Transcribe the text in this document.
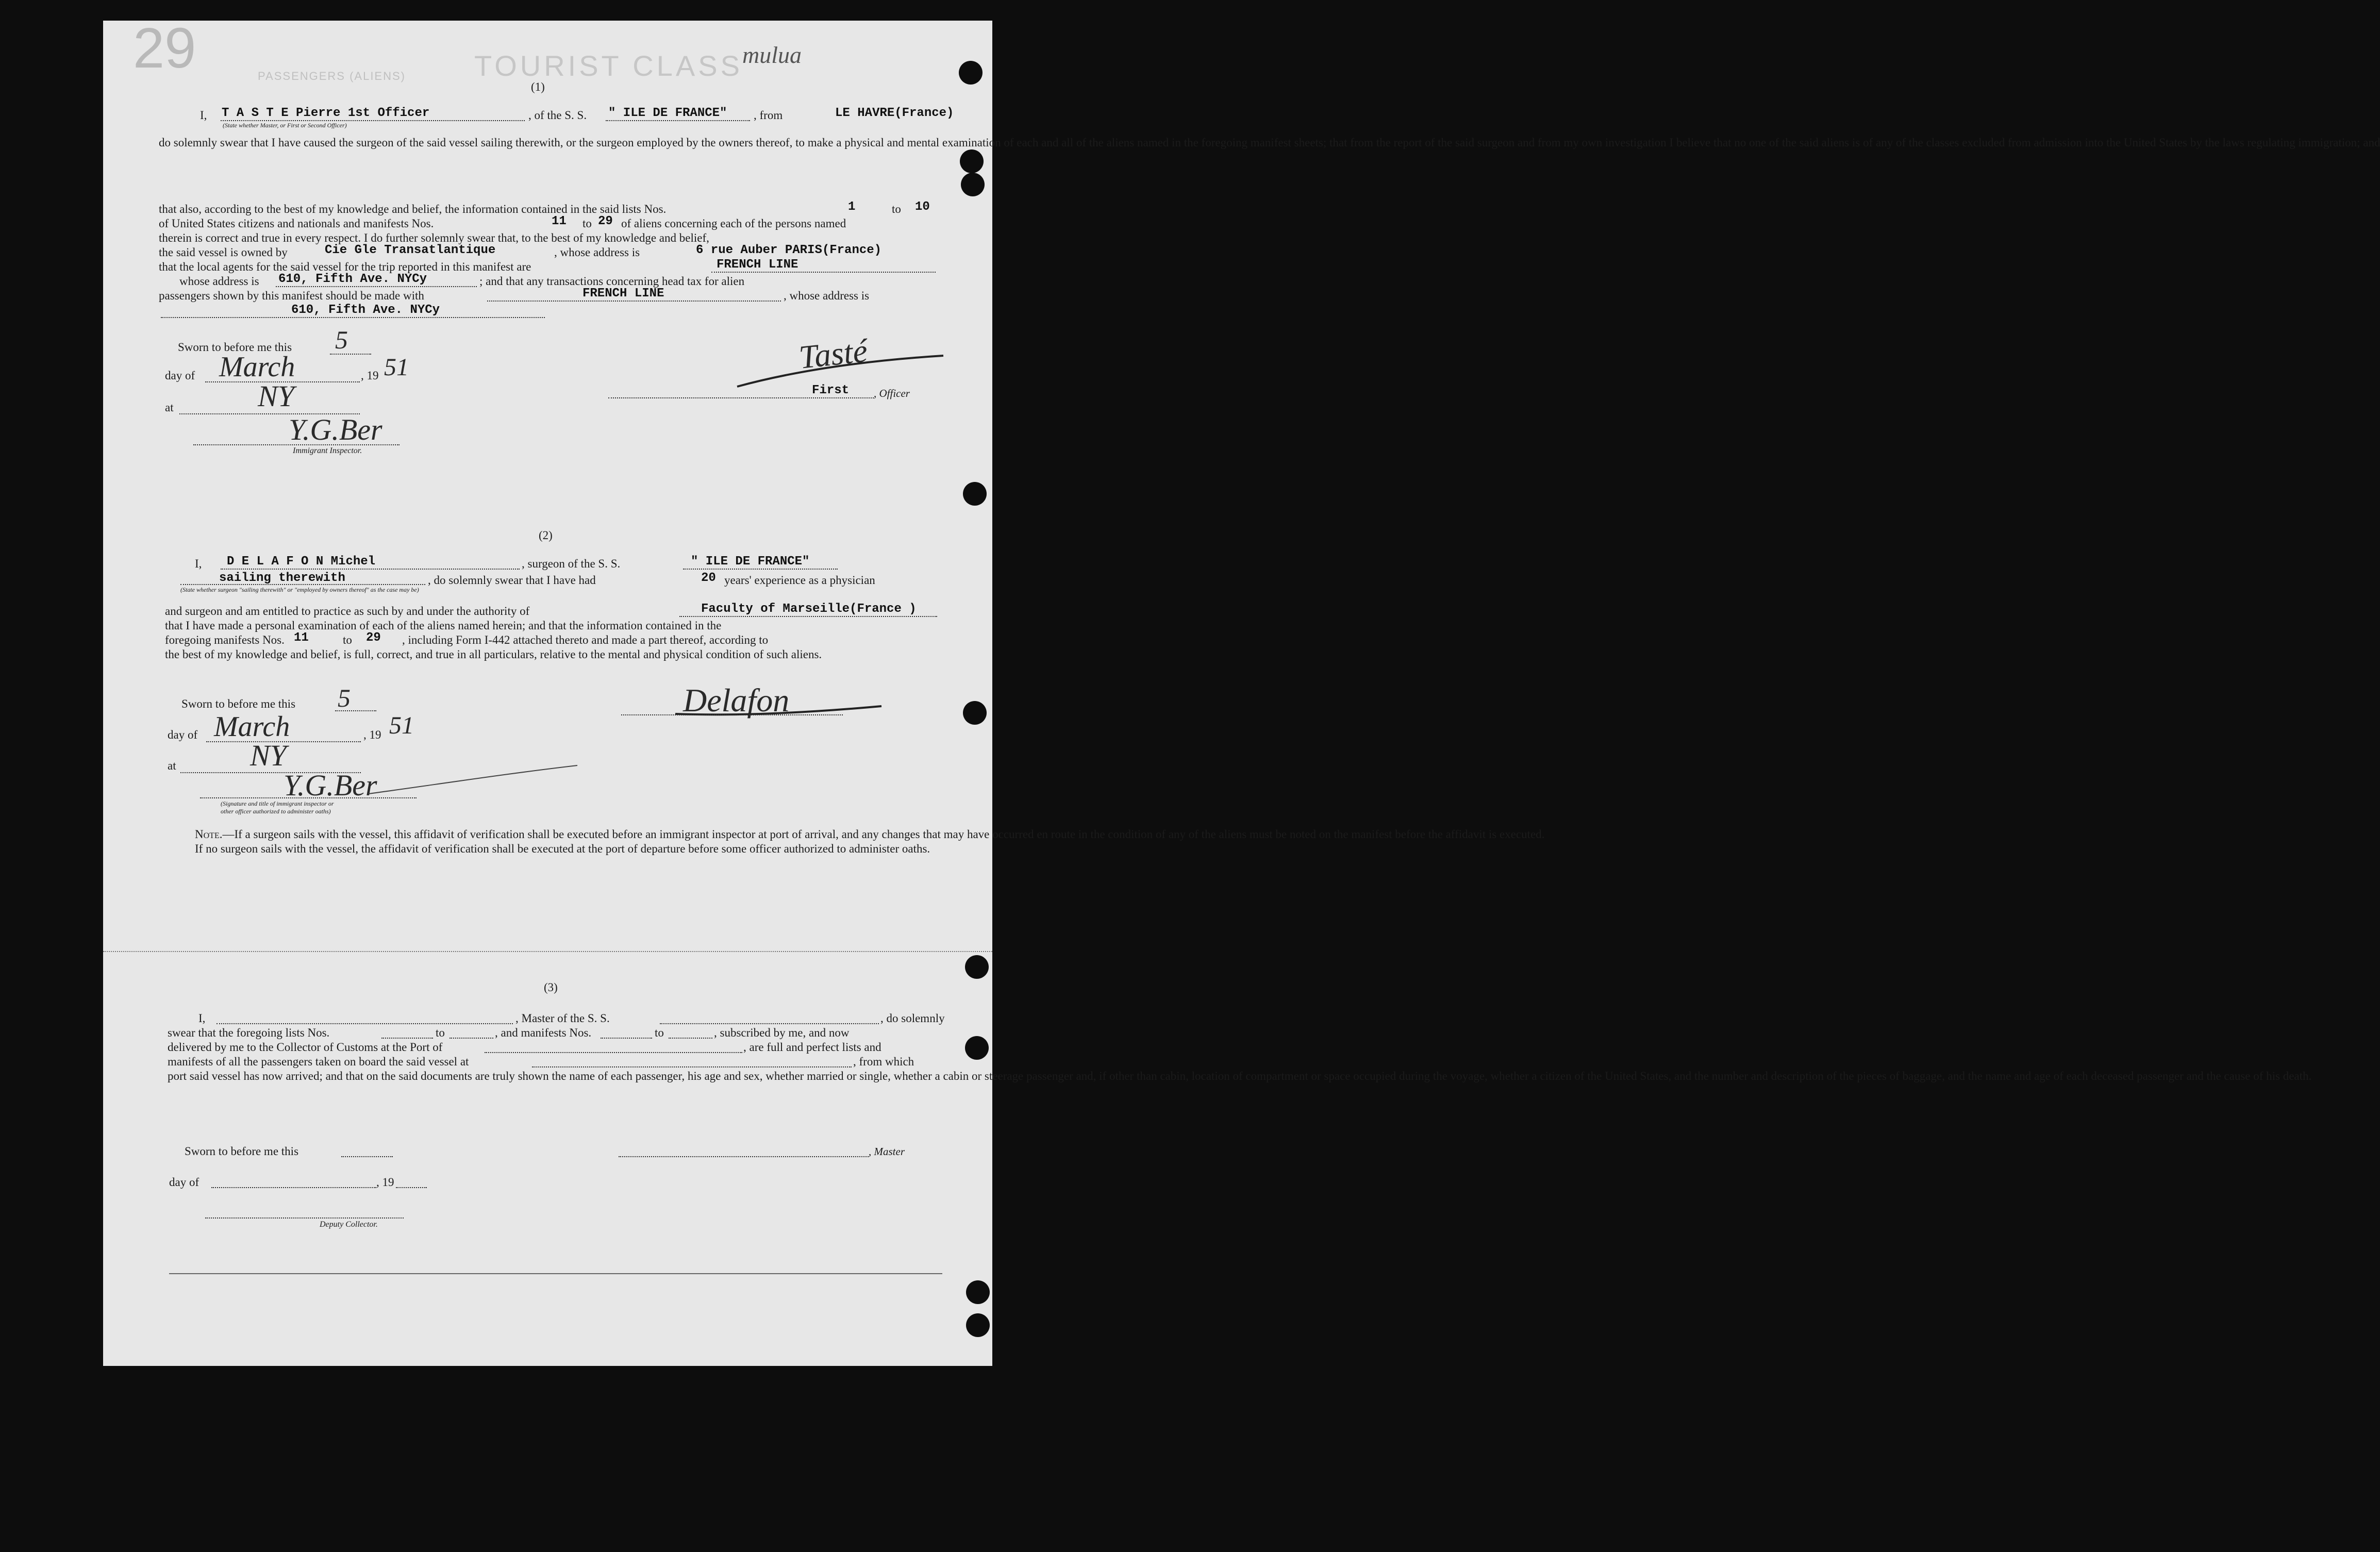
29	PASSENGERS (ALIENS) TOURIST CLASS mulua
(1)
I, T A S T E Pierre 1st Officer
(State whether Master, or First or Second Officer)
, of the S. S. " ILE DE FRANCE" , from	LE HAVRE(France)

do solemnly swear that I have caused the surgeon of the said vessel sailing therewith, or the surgeon employed by the owners thereof, to make a physical and mental examination of each and all of the aliens named in the foregoing manifest sheets; that from the report of the said surgeon and from my own investigation I believe that no one of the said aliens is of any of the classes excluded from admission into the United States by the laws regulating immigration; and

that also, according to the best of my knowledge and belief, the information contained in the said lists Nos.	1	to 10
of United States citizens and nationals and manifests Nos.	11 to 29 of aliens concerning each of the persons named
therein is correct and true in every respect. I do further solemnly swear that, to the best of my knowledge and belief,
the said vessel is owned by	Cie Gle Transatlantique	, whose address is	6 rue Auber PARIS(France)
that the local agents for the said vessel for the trip reported in this manifest are	FRENCH LINE
whose address is 610, Fifth Ave. NYCy	; and that any transactions concerning head tax for alien
passengers shown by this manifest should be made with	FRENCH LINE	, whose address is
610, Fifth Ave. NYCy
Sworn to before me this 5
day of March	, 19 51
at	NY
Y.G.Ber
Immigrant Inspector.
Tasté
First , Officer
(2)
I, D E L A F O N Michel	, surgeon of the S. S.	" ILE DE FRANCE"
sailing therewith
(State whether surgeon "sailing therewith" or "employed by owners thereof" as the case may be)
, do solemnly swear that I have had	20 years' experience as a physician
and surgeon and am entitled to practice as such by and under the authority of	Faculty of Marseille(France )
that I have made a personal examination of each of the aliens named herein; and that the information contained in the
foregoing manifests Nos. 11	to 29 , including Form I-442 attached thereto and made a part thereof, according to

the best of my knowledge and belief, is full, correct, and true in all particulars, relative to the mental and physical condition of such aliens.

Sworn to before me this 5
day of March	, 19 51
at NY
Y.G.Ber
(Signature and title of immigrant inspector or
other officer authorized to administer oaths)
Delafon

Note.—If a surgeon sails with the vessel, this affidavit of verification shall be executed before an immigrant inspector at port of arrival, and any changes that may have occurred en route in the condition of any of the aliens must be noted on the manifest before the affidavit is executed.

If no surgeon sails with the vessel, the affidavit of verification shall be executed at the port of departure before some officer authorized to administer oaths.

(3)
I,	, Master of the S. S.	, do solemnly
swear that the foregoing lists Nos.	to	, and manifests Nos.	to	, subscribed by me, and now
delivered by me to the Collector of Customs at the Port of	, are full and perfect lists and
manifests of all the passengers taken on board the said vessel at	, from which

port said vessel has now arrived; and that on the said documents are truly shown the name of each passenger, his age and sex, whether married or single, whether a cabin or steerage passenger and, if other than cabin, location of compartment or space occupied during the voyage, whether a citizen of the United States, and the number and description of the pieces of baggage, and the name and age of each deceased passenger and the cause of his death.

Sworn to before me this	, Master
day of	, 19
Deputy Collector.
